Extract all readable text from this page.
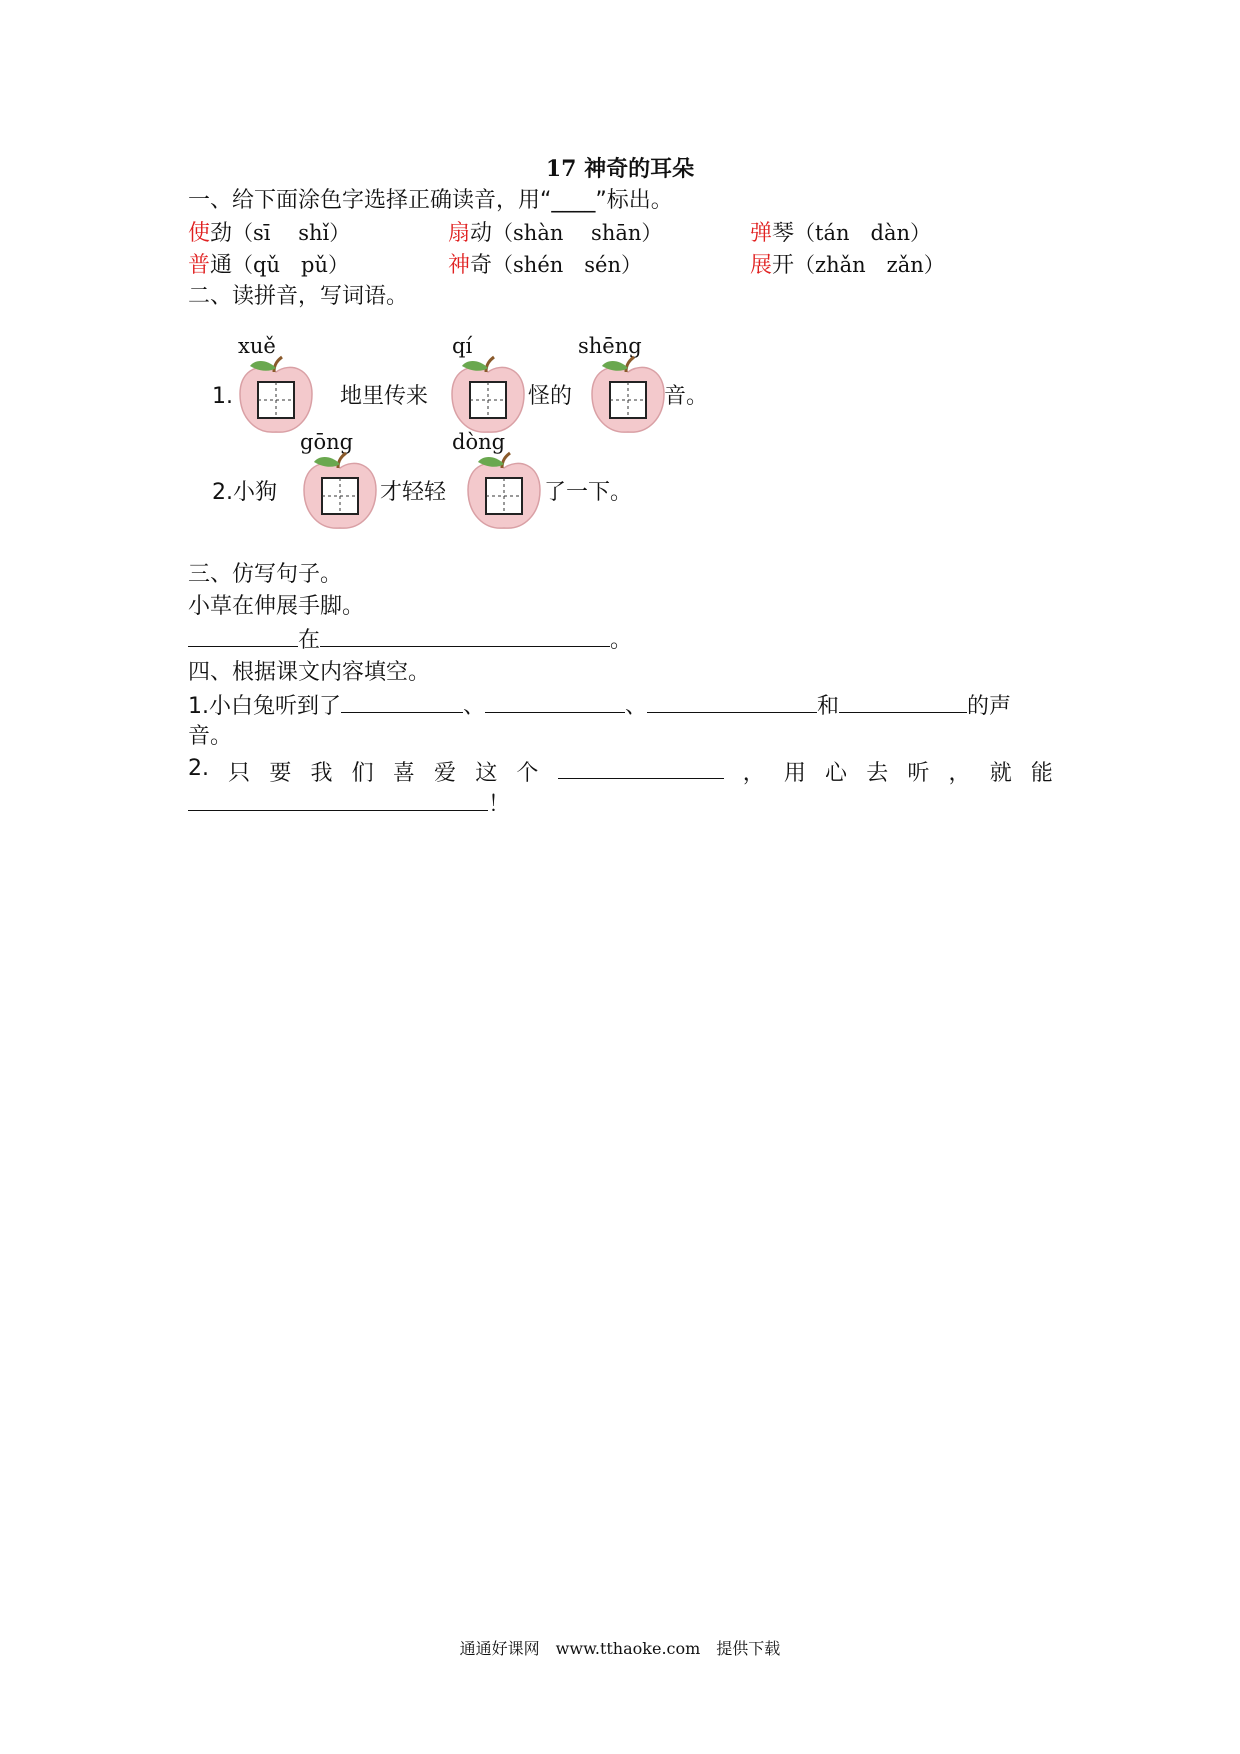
17 神奇的耳朵
一、给下面涂色字选择正确读音，用“____”标出。
使劲（sī　 shǐ）	扇动（shàn　 shān）	弹琴（tán　dàn）
普通（qǔ　pǔ）	神奇（shén　sén）	展开（zhǎn　zǎn）
二、读拼音，写词语。
xuě	qí	shēng
1.	地里传来	怪的	音。
gōng	dòng
2.小狗	才轻轻	了一下。
三、仿写句子。
小草在伸展手脚。
在	。
四、根据课文内容填空。
1.小白兔听到了	、	、	和	的声
音。
2. 只 要 我 们 喜 爱 这 个	， 用 心 去 听 ， 就 能
！
通通好课网　www.tthaoke.com　提供下载
